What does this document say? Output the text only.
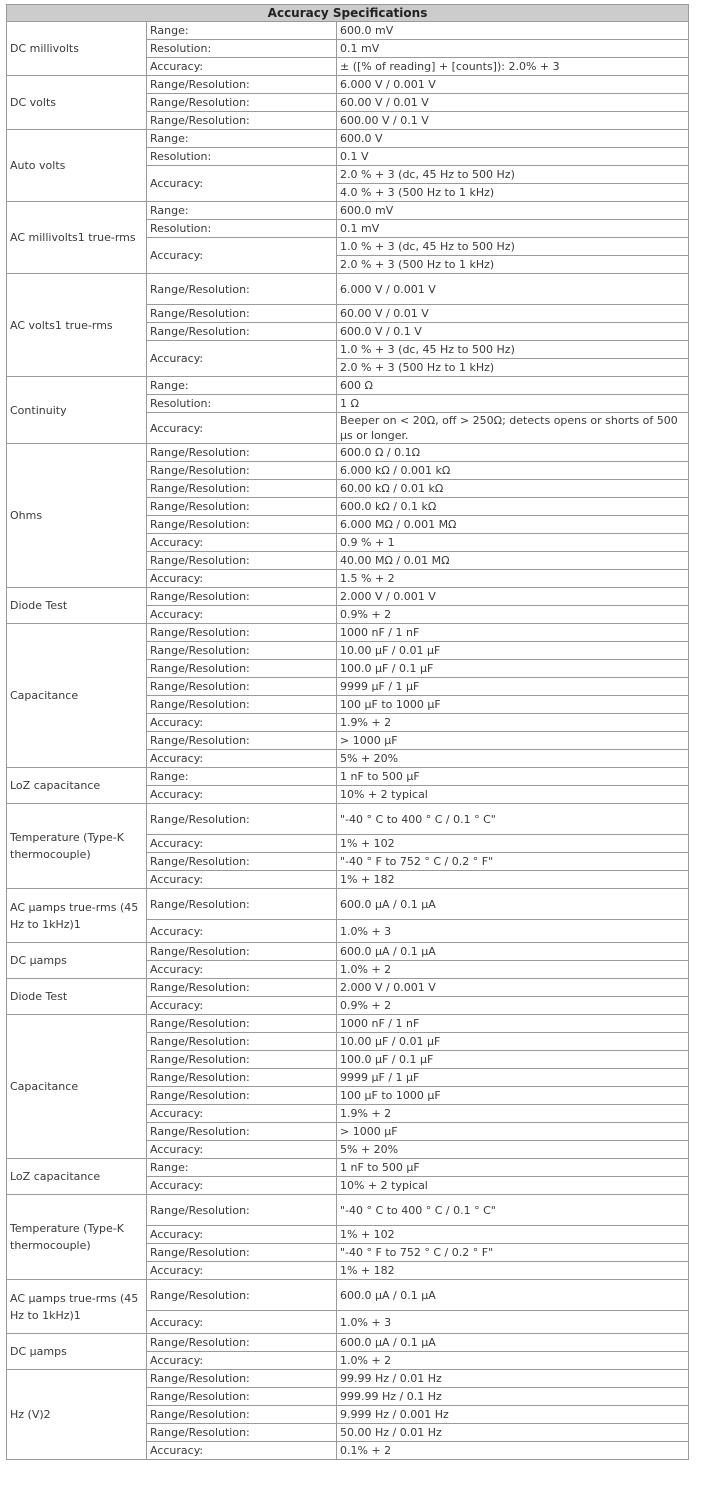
Accuracy Specifications		
DC millivolts	Range:	600.0 mV
	Resolution:	0.1 mV
	Accuracy:	± ([% of reading] + [counts]): 2.0% + 3
DC volts	Range/Resolution:	6.000 V / 0.001 V
	Range/Resolution:	60.00 V / 0.01 V
	Range/Resolution:	600.00 V / 0.1 V
Auto volts	Range:	600.0 V
	Resolution:	0.1 V
	Accuracy:	2.0 % + 3 (dc, 45 Hz to 500 Hz)
		4.0 % + 3 (500 Hz to 1 kHz)
AC millivolts1 true-rms	Range:	600.0 mV
	Resolution:	0.1 mV
	Accuracy:	1.0 % + 3 (dc, 45 Hz to 500 Hz)
		2.0 % + 3 (500 Hz to 1 kHz)
AC volts1 true-rms	Range/Resolution:	6.000 V / 0.001 V
	Range/Resolution:	60.00 V / 0.01 V
	Range/Resolution:	600.0 V / 0.1 V
	Accuracy:	1.0 % + 3 (dc, 45 Hz to 500 Hz)
		2.0 % + 3 (500 Hz to 1 kHz)
Continuity	Range:	600 Ω
	Resolution:	1 Ω
	Accuracy:	Beeper on < 20Ω, off > 250Ω; detects opens or shorts of 500 μs or longer.
Ohms	Range/Resolution:	600.0 Ω / 0.1Ω
	Range/Resolution:	6.000 kΩ / 0.001 kΩ
	Range/Resolution:	60.00 kΩ / 0.01 kΩ
	Range/Resolution:	600.0 kΩ / 0.1 kΩ
	Range/Resolution:	6.000 MΩ / 0.001 MΩ
	Accuracy:	0.9 % + 1
	Range/Resolution:	40.00 MΩ / 0.01 MΩ
	Accuracy:	1.5 % + 2
Diode Test	Range/Resolution:	2.000 V / 0.001 V
	Accuracy:	0.9% + 2
Capacitance	Range/Resolution:	1000 nF / 1 nF
	Range/Resolution:	10.00 μF / 0.01 μF
	Range/Resolution:	100.0 μF / 0.1 μF
	Range/Resolution:	9999 μF / 1 μF
	Range/Resolution:	100 μF to 1000 μF
	Accuracy:	1.9% + 2
	Range/Resolution:	> 1000 μF
	Accuracy:	5% + 20%
LoZ capacitance	Range:	1 nF to 500 μF
	Accuracy:	10% + 2 typical
Temperature (Type-K thermocouple)	Range/Resolution:	"-40 ° C to 400 ° C / 0.1 ° C"
	Accuracy:	1% + 102
	Range/Resolution:	"-40 ° F to 752 ° C / 0.2 ° F"
	Accuracy:	1% + 182
AC μamps true-rms (45 Hz to 1kHz)1	Range/Resolution:	600.0 μA / 0.1 μA
	Accuracy:	1.0% + 3
DC μamps	Range/Resolution:	600.0 μA / 0.1 μA
	Accuracy:	1.0% + 2
Diode Test	Range/Resolution:	2.000 V / 0.001 V
	Accuracy:	0.9% + 2
Capacitance	Range/Resolution:	1000 nF / 1 nF
	Range/Resolution:	10.00 μF / 0.01 μF
	Range/Resolution:	100.0 μF / 0.1 μF
	Range/Resolution:	9999 μF / 1 μF
	Range/Resolution:	100 μF to 1000 μF
	Accuracy:	1.9% + 2
	Range/Resolution:	> 1000 μF
	Accuracy:	5% + 20%
LoZ capacitance	Range:	1 nF to 500 μF
	Accuracy:	10% + 2 typical
Temperature (Type-K thermocouple)	Range/Resolution:	"-40 ° C to 400 ° C / 0.1 ° C"
	Accuracy:	1% + 102
	Range/Resolution:	"-40 ° F to 752 ° C / 0.2 ° F"
	Accuracy:	1% + 182
AC μamps true-rms (45 Hz to 1kHz)1	Range/Resolution:	600.0 μA / 0.1 μA
	Accuracy:	1.0% + 3
DC μamps	Range/Resolution:	600.0 μA / 0.1 μA
	Accuracy:	1.0% + 2
Hz (V)2	Range/Resolution:	99.99 Hz / 0.01 Hz
	Range/Resolution:	999.99 Hz / 0.1 Hz
	Range/Resolution:	9.999 Hz / 0.001 Hz
	Range/Resolution:	50.00 Hz / 0.01 Hz
	Accuracy:	0.1% + 2
